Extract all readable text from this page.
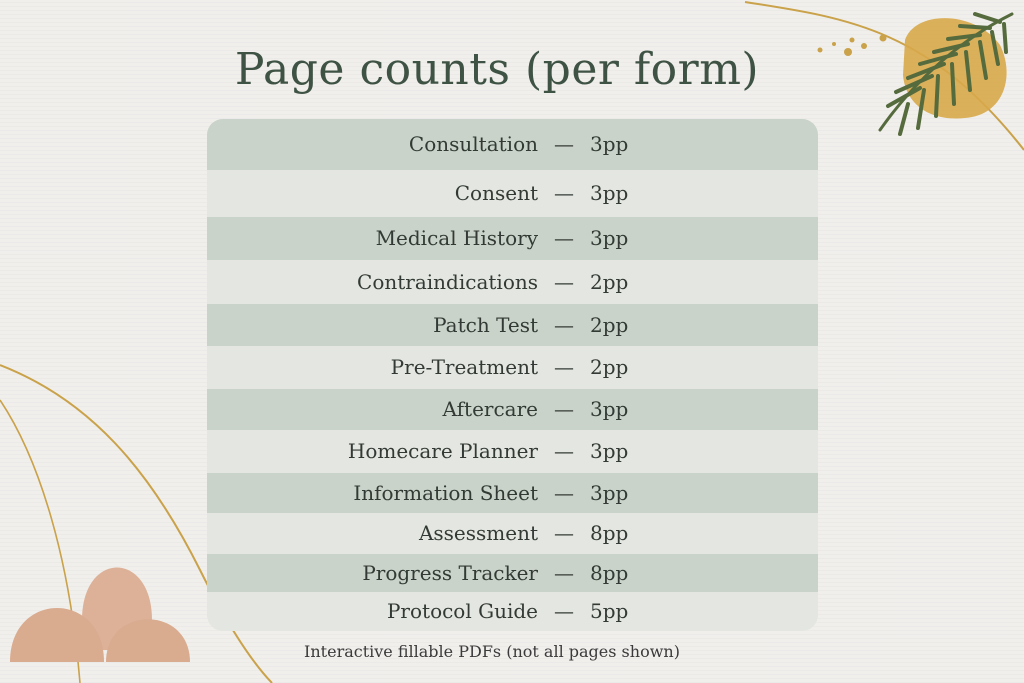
Page counts (per form)
Consultation — 3pp
Consent — 3pp
Medical History — 3pp
Contraindications — 2pp
Patch Test — 2pp
Pre-Treatment — 2pp
Aftercare — 3pp
Homecare Planner — 3pp
Information Sheet — 3pp
Assessment — 8pp
Progress Tracker — 8pp
Protocol Guide — 5pp
Interactive fillable PDFs (not all pages shown)
